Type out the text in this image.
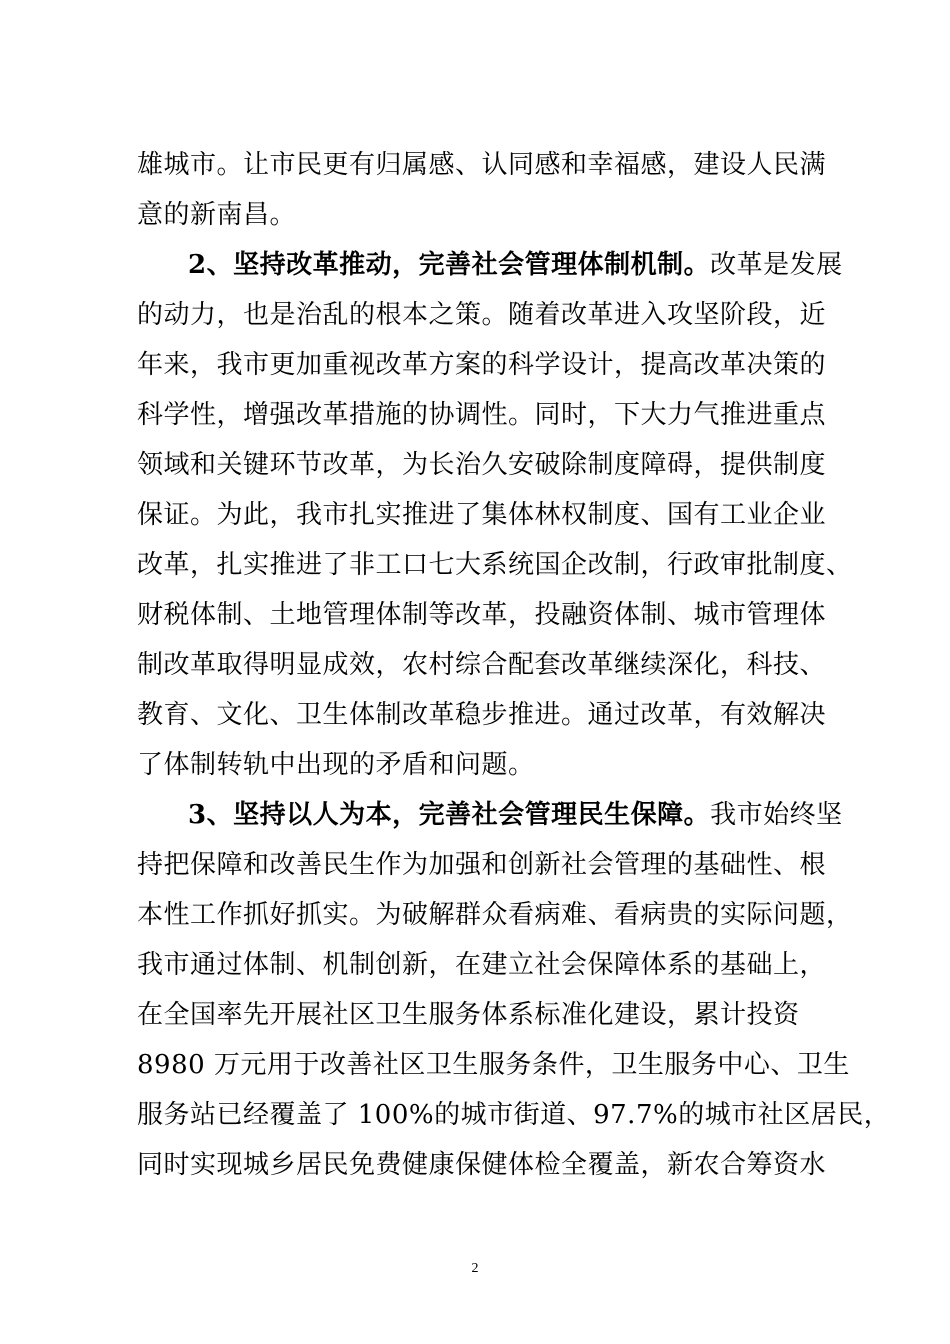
雄城市。让市民更有归属感、认同感和幸福感，建设人民满
意的新南昌。
2、坚持改革推动，完善社会管理体制机制。改革是发展
的动力，也是治乱的根本之策。随着改革进入攻坚阶段，近
年来，我市更加重视改革方案的科学设计，提高改革决策的
科学性，增强改革措施的协调性。同时，下大力气推进重点
领域和关键环节改革，为长治久安破除制度障碍，提供制度
保证。为此，我市扎实推进了集体林权制度、国有工业企业
改革，扎实推进了非工口七大系统国企改制，行政审批制度、
财税体制、土地管理体制等改革，投融资体制、城市管理体
制改革取得明显成效，农村综合配套改革继续深化，科技、
教育、文化、卫生体制改革稳步推进。通过改革，有效解决
了体制转轨中出现的矛盾和问题。
3、坚持以人为本，完善社会管理民生保障。我市始终坚
持把保障和改善民生作为加强和创新社会管理的基础性、根
本性工作抓好抓实。为破解群众看病难、看病贵的实际问题，
我市通过体制、机制创新，在建立社会保障体系的基础上，
在全国率先开展社区卫生服务体系标准化建设，累计投资
8980 万元用于改善社区卫生服务条件，卫生服务中心、卫生
服务站已经覆盖了 100%的城市街道、97.7%的城市社区居民，
同时实现城乡居民免费健康保健体检全覆盖，新农合筹资水
2
